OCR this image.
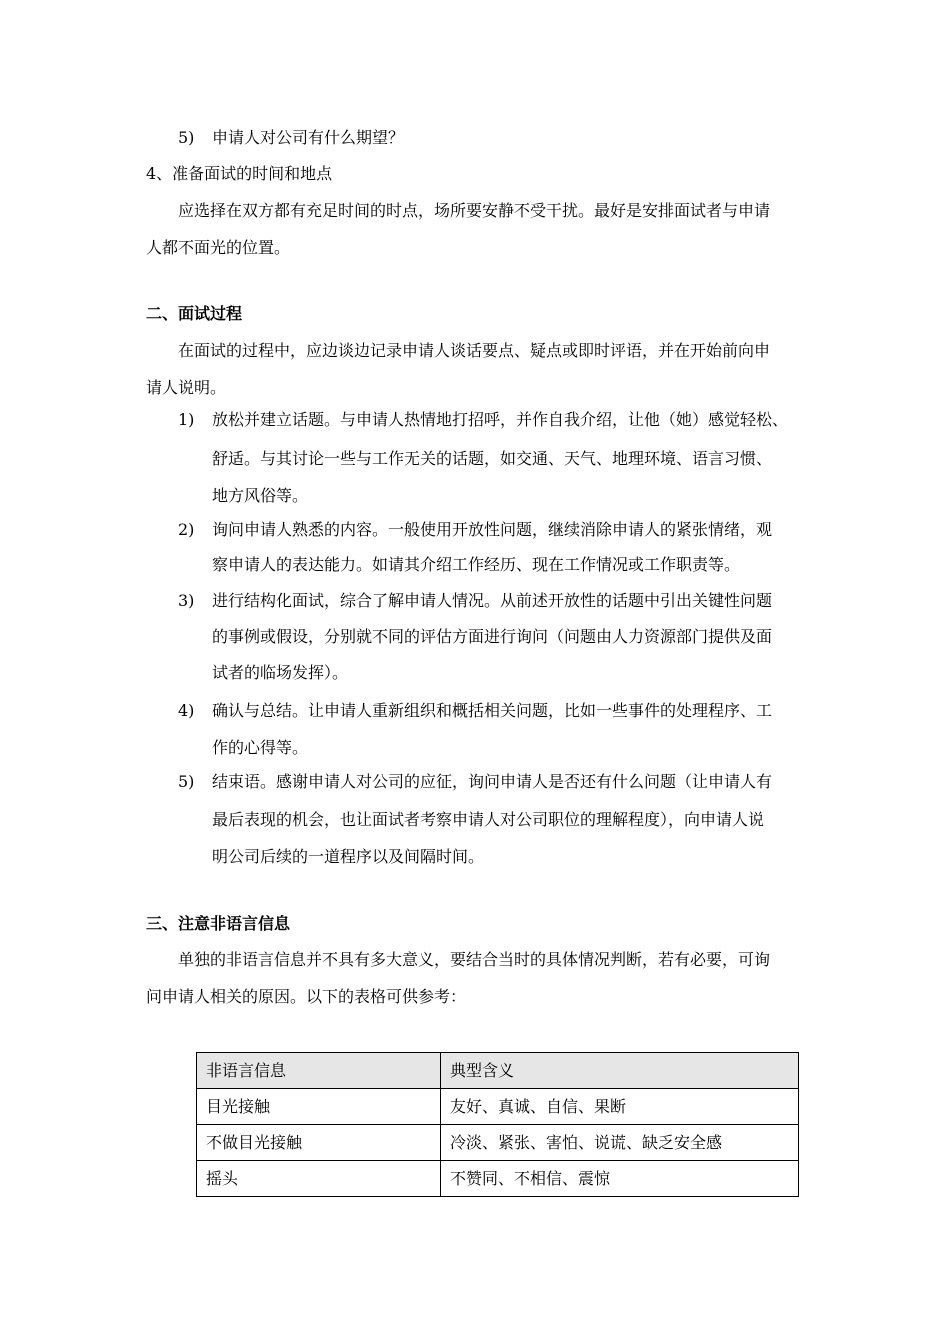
5) 申请人对公司有什么期望？
4、准备面试的时间和地点
应选择在双方都有充足时间的时点，场所要安静不受干扰。最好是安排面试者与申请
人都不面光的位置。
二、面试过程
在面试的过程中，应边谈边记录申请人谈话要点、疑点或即时评语，并在开始前向申
请人说明。
1) 放松并建立话题。与申请人热情地打招呼，并作自我介绍，让他（她）感觉轻松、
舒适。与其讨论一些与工作无关的话题，如交通、天气、地理环境、语言习惯、
地方风俗等。
2) 询问申请人熟悉的内容。一般使用开放性问题，继续消除申请人的紧张情绪，观
察申请人的表达能力。如请其介绍工作经历、现在工作情况或工作职责等。
3) 进行结构化面试，综合了解申请人情况。从前述开放性的话题中引出关键性问题
的事例或假设，分别就不同的评估方面进行询问（问题由人力资源部门提供及面
试者的临场发挥）。
4) 确认与总结。让申请人重新组织和概括相关问题，比如一些事件的处理程序、工
作的心得等。
5) 结束语。感谢申请人对公司的应征，询问申请人是否还有什么问题（让申请人有
最后表现的机会，也让面试者考察申请人对公司职位的理解程度），向申请人说
明公司后续的一道程序以及间隔时间。
三、注意非语言信息
单独的非语言信息并不具有多大意义，要结合当时的具体情况判断，若有必要，可询
问申请人相关的原因。以下的表格可供参考：
非语言信息	典型含义
目光接触	友好、真诚、自信、果断
不做目光接触	冷淡、紧张、害怕、说谎、缺乏安全感
摇头	不赞同、不相信、震惊
